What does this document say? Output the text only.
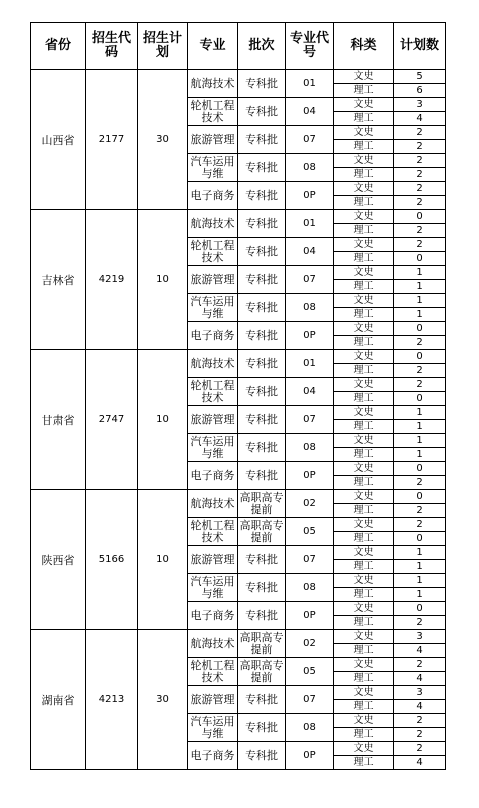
省份	招生代码	招生计划	专业	批次	专业代号	科类	计划数
山西省	2177	30	航海技术	专科批	01	文史	5
						理工	6
			轮机工程技术	专科批	04	文史	3
						理工	4
			旅游管理	专科批	07	文史	2
						理工	2
			汽车运用与维	专科批	08	文史	2
						理工	2
			电子商务	专科批	0P	文史	2
						理工	2
吉林省	4219	10	航海技术	专科批	01	文史	0
						理工	2
			轮机工程技术	专科批	04	文史	2
						理工	0
			旅游管理	专科批	07	文史	1
						理工	1
			汽车运用与维	专科批	08	文史	1
						理工	1
			电子商务	专科批	0P	文史	0
						理工	2
甘肃省	2747	10	航海技术	专科批	01	文史	0
						理工	2
			轮机工程技术	专科批	04	文史	2
						理工	0
			旅游管理	专科批	07	文史	1
						理工	1
			汽车运用与维	专科批	08	文史	1
						理工	1
			电子商务	专科批	0P	文史	0
						理工	2
陕西省	5166	10	航海技术	高职高专提前	02	文史	0
						理工	2
			轮机工程技术	高职高专提前	05	文史	2
						理工	0
			旅游管理	专科批	07	文史	1
						理工	1
			汽车运用与维	专科批	08	文史	1
						理工	1
			电子商务	专科批	0P	文史	0
						理工	2
湖南省	4213	30	航海技术	高职高专提前	02	文史	3
						理工	4
			轮机工程技术	高职高专提前	05	文史	2
						理工	4
			旅游管理	专科批	07	文史	3
						理工	4
			汽车运用与维	专科批	08	文史	2
						理工	2
			电子商务	专科批	0P	文史	2
						理工	4
